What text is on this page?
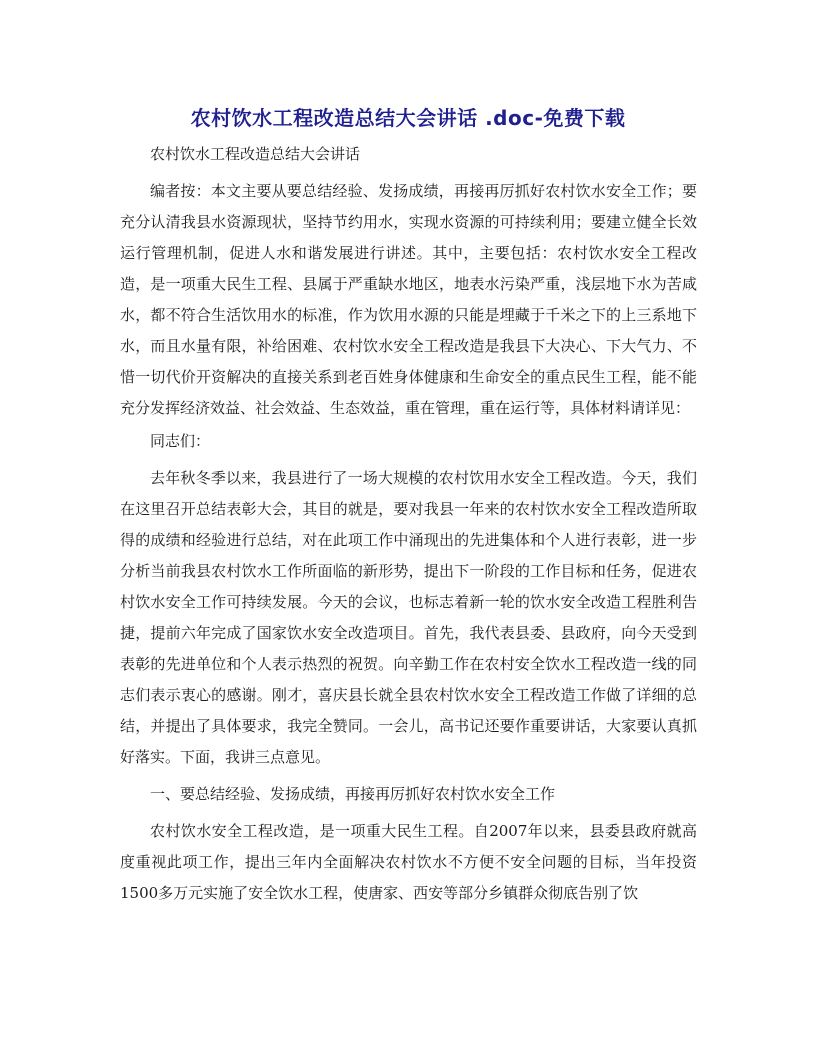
农村饮水工程改造总结大会讲话 .doc-免费下载

农村饮水工程改造总结大会讲话

编者按：本文主要从要总结经验、发扬成绩，再接再厉抓好农村饮水安全工作；要充分认清我县水资源现状，坚持节约用水，实现水资源的可持续利用；要建立健全长效运行管理机制，促进人水和谐发展进行讲述。其中，主要包括：农村饮水安全工程改造，是一项重大民生工程、县属于严重缺水地区，地表水污染严重，浅层地下水为苦咸水，都不符合生活饮用水的标准，作为饮用水源的只能是埋藏于千米之下的上三系地下水，而且水量有限，补给困难、农村饮水安全工程改造是我县下大决心、下大气力、不惜一切代价开资解决的直接关系到老百姓身体健康和生命安全的重点民生工程，能不能充分发挥经济效益、社会效益、生态效益，重在管理，重在运行等，具体材料请详见：

同志们：

去年秋冬季以来，我县进行了一场大规模的农村饮用水安全工程改造。今天，我们在这里召开总结表彰大会，其目的就是，要对我县一年来的农村饮水安全工程改造所取得的成绩和经验进行总结，对在此项工作中涌现出的先进集体和个人进行表彰，进一步分析当前我县农村饮水工作所面临的新形势，提出下一阶段的工作目标和任务，促进农村饮水安全工作可持续发展。今天的会议，也标志着新一轮的饮水安全改造工程胜利告捷，提前六年完成了国家饮水安全改造项目。首先，我代表县委、县政府，向今天受到表彰的先进单位和个人表示热烈的祝贺。向辛勤工作在农村安全饮水工程改造一线的同志们表示衷心的感谢。刚才，喜庆县长就全县农村饮水安全工程改造工作做了详细的总结，并提出了具体要求，我完全赞同。一会儿，高书记还要作重要讲话，大家要认真抓好落实。下面，我讲三点意见。

一、要总结经验、发扬成绩，再接再厉抓好农村饮水安全工作

农村饮水安全工程改造，是一项重大民生工程。自2007年以来，县委县政府就高度重视此项工作，提出三年内全面解决农村饮水不方便不安全问题的目标，当年投资1500多万元实施了安全饮水工程，使唐家、西安等部分乡镇群众彻底告别了饮
